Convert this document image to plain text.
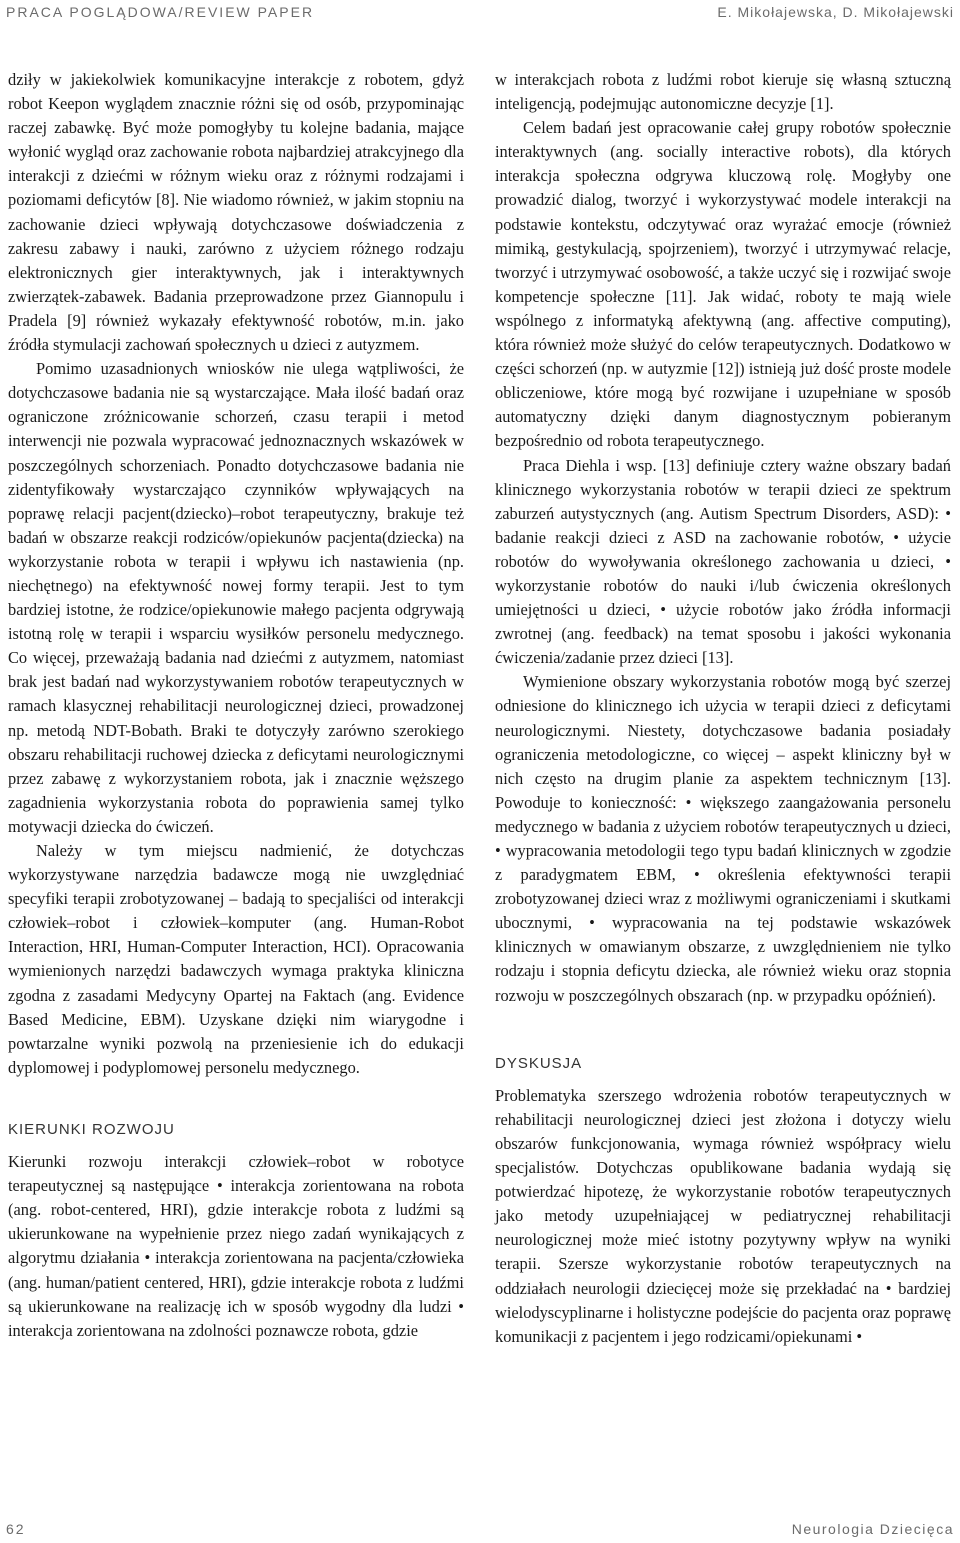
PRACA POGLĄDOWA/REVIEW PAPER	E. Mikołajewska, D. Mikołajewski

dziły w jakiekolwiek komunikacyjne interakcje z robotem, gdyż robot Keepon wyglądem znacznie różni się od osób, przypominając raczej zabawkę. Być może pomogłyby tu kolejne badania, mające wyłonić wygląd oraz zachowanie robota najbardziej atrakcyjnego dla interakcji z dziećmi w różnym wieku oraz z różnymi rodzajami i poziomami deficytów [8]. Nie wiadomo również, w jakim stopniu na zachowanie dzieci wpływają dotychczasowe doświadczenia z zakresu zabawy i nauki, zarówno z użyciem różnego rodzaju elektronicznych gier interaktywnych, jak i interaktywnych zwierzątek-zabawek. Badania przeprowadzone przez Giannopulu i Pradela [9] również wykazały efektywność robotów, m.in. jako źródła stymulacji zachowań społecznych u dzieci z autyzmem.

Pomimo uzasadnionych wniosków nie ulega wątpliwości, że dotychczasowe badania nie są wystarczające. Mała ilość badań oraz ograniczone zróżnicowanie schorzeń, czasu terapii i metod interwencji nie pozwala wypracować jednoznacznych wskazówek w poszczególnych schorzeniach. Ponadto dotychczasowe badania nie zidentyfikowały wystarczająco czynników wpływających na poprawę relacji pacjent(dziecko)–robot terapeutyczny, brakuje też badań w obszarze reakcji rodziców/opiekunów pacjenta(dziecka) na wykorzystanie robota w terapii i wpływu ich nastawienia (np. niechętnego) na efektywność nowej formy terapii. Jest to tym bardziej istotne, że rodzice/opiekunowie małego pacjenta odgrywają istotną rolę w terapii i wsparciu wysiłków personelu medycznego. Co więcej, przeważają badania nad dziećmi z autyzmem, natomiast brak jest badań nad wykorzystywaniem robotów terapeutycznych w ramach klasycznej rehabilitacji neurologicznej dzieci, prowadzonej np. metodą NDT-Bobath. Braki te dotyczyły zarówno szerokiego obszaru rehabilitacji ruchowej dziecka z deficytami neurologicznymi przez zabawę z wykorzystaniem robota, jak i znacznie węższego zagadnienia wykorzystania robota do poprawienia samej tylko motywacji dziecka do ćwiczeń.

Należy w tym miejscu nadmienić, że dotychczas wykorzystywane narzędzia badawcze mogą nie uwzględniać specyfiki terapii zrobotyzowanej – badają to specjaliści od interakcji człowiek–robot i człowiek–komputer (ang. Human-Robot Interaction, HRI, Human-Computer Interaction, HCI). Opracowania wymienionych narzędzi badawczych wymaga praktyka kliniczna zgodna z zasadami Medycyny Opartej na Faktach (ang. Evidence Based Medicine, EBM). Uzyskane dzięki nim wiarygodne i powtarzalne wyniki pozwolą na przeniesienie ich do edukacji dyplomowej i podyplomowej personelu medycznego.

KIERUNKI ROZWOJU

Kierunki rozwoju interakcji człowiek–robot w robotyce terapeutycznej są następujące • interakcja zorientowana na robota (ang. robot-centered, HRI), gdzie interakcje robota z ludźmi są ukierunkowane na wypełnienie przez niego zadań wynikających z algorytmu działania • interakcja zorientowana na pacjenta/człowieka (ang. human/patient centered, HRI), gdzie interakcje robota z ludźmi są ukierunkowane na realizację ich w sposób wygodny dla ludzi • interakcja zorientowana na zdolności poznawcze robota, gdzie

w interakcjach robota z ludźmi robot kieruje się własną sztuczną inteligencją, podejmując autonomiczne decyzje [1].

Celem badań jest opracowanie całej grupy robotów społecznie interaktywnych (ang. socially interactive robots), dla których interakcja społeczna odgrywa kluczową rolę. Mogłyby one prowadzić dialog, tworzyć i wykorzystywać modele interakcji na podstawie kontekstu, odczytywać oraz wyrażać emocje (również mimiką, gestykulacją, spojrzeniem), tworzyć i utrzymywać relacje, tworzyć i utrzymywać osobowość, a także uczyć się i rozwijać swoje kompetencje społeczne [11]. Jak widać, roboty te mają wiele wspólnego z informatyką afektywną (ang. affective computing), która również może służyć do celów terapeutycznych. Dodatkowo w części schorzeń (np. w autyzmie [12]) istnieją już dość proste modele obliczeniowe, które mogą być rozwijane i uzupełniane w sposób automatyczny dzięki danym diagnostycznym pobieranym bezpośrednio od robota terapeutycznego.

Praca Diehla i wsp. [13] definiuje cztery ważne obszary badań klinicznego wykorzystania robotów w terapii dzieci ze spektrum zaburzeń autystycznych (ang. Autism Spectrum Disorders, ASD): • badanie reakcji dzieci z ASD na zachowanie robotów, • użycie robotów do wywoływania określonego zachowania u dzieci, • wykorzystanie robotów do nauki i/lub ćwiczenia określonych umiejętności u dzieci, • użycie robotów jako źródła informacji zwrotnej (ang. feedback) na temat sposobu i jakości wykonania ćwiczenia/zadanie przez dzieci [13].

Wymienione obszary wykorzystania robotów mogą być szerzej odniesione do klinicznego ich użycia w terapii dzieci z deficytami neurologicznymi. Niestety, dotychczasowe badania posiadały ograniczenia metodologiczne, co więcej – aspekt kliniczny był w nich często na drugim planie za aspektem technicznym [13]. Powoduje to konieczność: • większego zaangażowania personelu medycznego w badania z użyciem robotów terapeutycznych u dzieci, • wypracowania metodologii tego typu badań klinicznych w zgodzie z paradygmatem EBM, • określenia efektywności terapii zrobotyzowanej dzieci wraz z możliwymi ograniczeniami i skutkami ubocznymi, • wypracowania na tej podstawie wskazówek klinicznych w omawianym obszarze, z uwzględnieniem nie tylko rodzaju i stopnia deficytu dziecka, ale również wieku oraz stopnia rozwoju w poszczególnych obszarach (np. w przypadku opóźnień).

DYSKUSJA

Problematyka szerszego wdrożenia robotów terapeutycznych w rehabilitacji neurologicznej dzieci jest złożona i dotyczy wielu obszarów funkcjonowania, wymaga również współpracy wielu specjalistów. Dotychczas opublikowane badania wydają się potwierdzać hipotezę, że wykorzystanie robotów terapeutycznych jako metody uzupełniającej w pediatrycznej rehabilitacji neurologicznej może mieć istotny pozytywny wpływ na wyniki terapii. Szersze wykorzystanie robotów terapeutycznych na oddziałach neurologii dziecięcej może się przekładać na • bardziej wielodyscyplinarne i holistyczne podejście do pacjenta oraz poprawę komunikacji z pacjentem i jego rodzicami/opiekunami •

62	Neurologia Dziecięca
